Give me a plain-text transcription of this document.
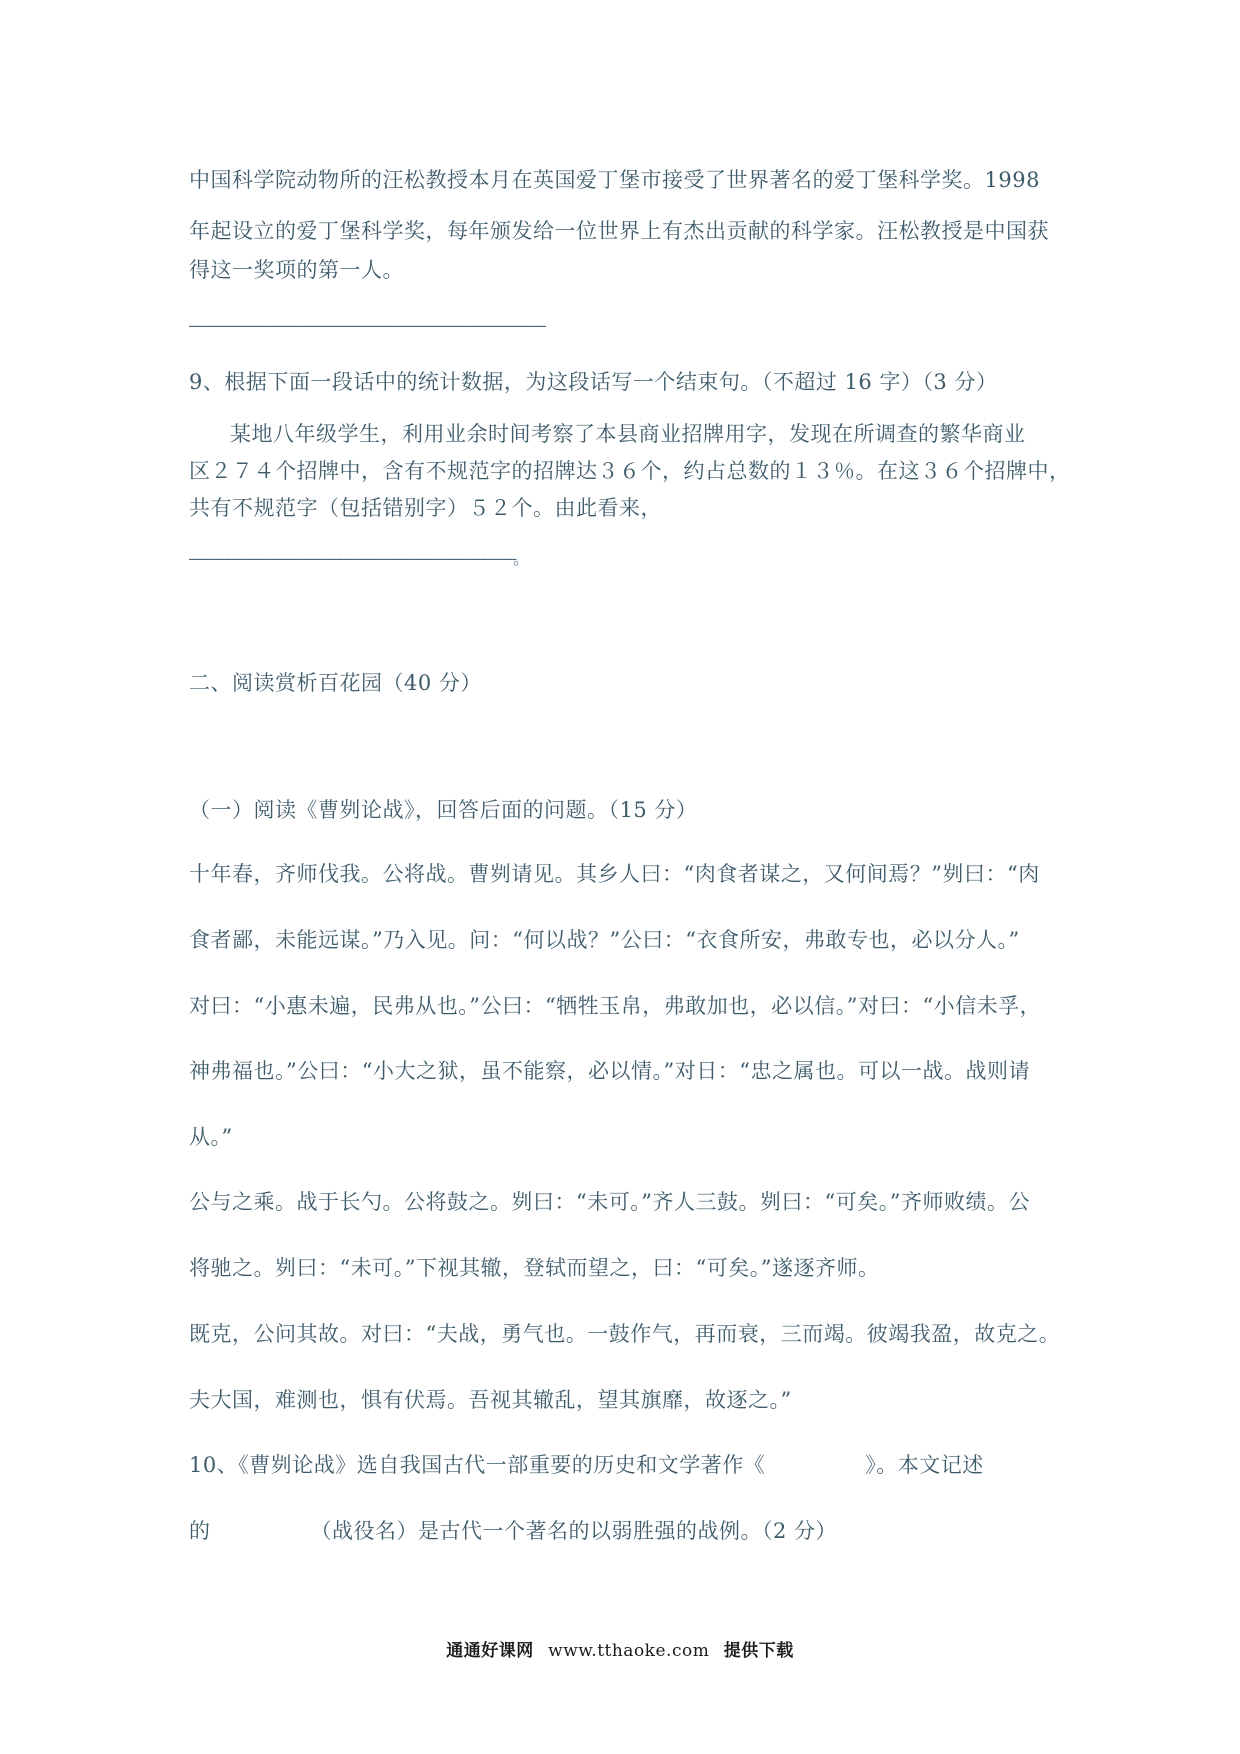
中国科学院动物所的汪松教授本月在英国爱丁堡市接受了世界著名的爱丁堡科学奖。1998
年起设立的爱丁堡科学奖，每年颁发给一位世界上有杰出贡献的科学家。汪松教授是中国获
得这一奖项的第一人。
———————————————————————————————————————————————————————
9、根据下面一段话中的统计数据，为这段话写一个结束句。（不超过 16 字）（3 分）
某地八年级学生，利用业余时间考察了本县商业招牌用字，发现在所调查的繁华商业
区２７４个招牌中，含有不规范字的招牌达３６个，约占总数的１３％。在这３６个招牌中，
共有不规范字（包括错别字）５２个。由此看来，
————————————————————————————————————————————————————。
二、阅读赏析百花园（40 分）
（一）阅读《曹刿论战》，回答后面的问题。（15 分）
十年春，齐师伐我。公将战。曹刿请见。其乡人曰：“肉食者谋之，又何间焉？”刿曰：“肉
食者鄙，未能远谋。”乃入见。问：“何以战？”公曰：“衣食所安，弗敢专也，必以分人。”
对曰：“小惠未遍，民弗从也。”公曰：“牺牲玉帛，弗敢加也，必以信。”对曰：“小信未孚，
神弗福也。”公曰：“小大之狱，虽不能察，必以情。”对日：“忠之属也。可以一战。战则请
从。”
公与之乘。战于长勺。公将鼓之。刿曰：“未可。”齐人三鼓。刿曰：“可矣。”齐师败绩。公
将驰之。刿曰：“未可。”下视其辙，登轼而望之，曰：“可矣。”遂逐齐师。
既克，公问其故。对曰：“夫战，勇气也。一鼓作气，再而衰，三而竭。彼竭我盈，故克之。
夫大国，难测也，惧有伏焉。吾视其辙乱，望其旗靡，故逐之。”
10、《曹刿论战》选自我国古代一部重要的历史和文学著作《	》。本文记述
的	（战役名）是古代一个著名的以弱胜强的战例。（2 分）
通通好课网 www.tthaoke.com 提供下载
